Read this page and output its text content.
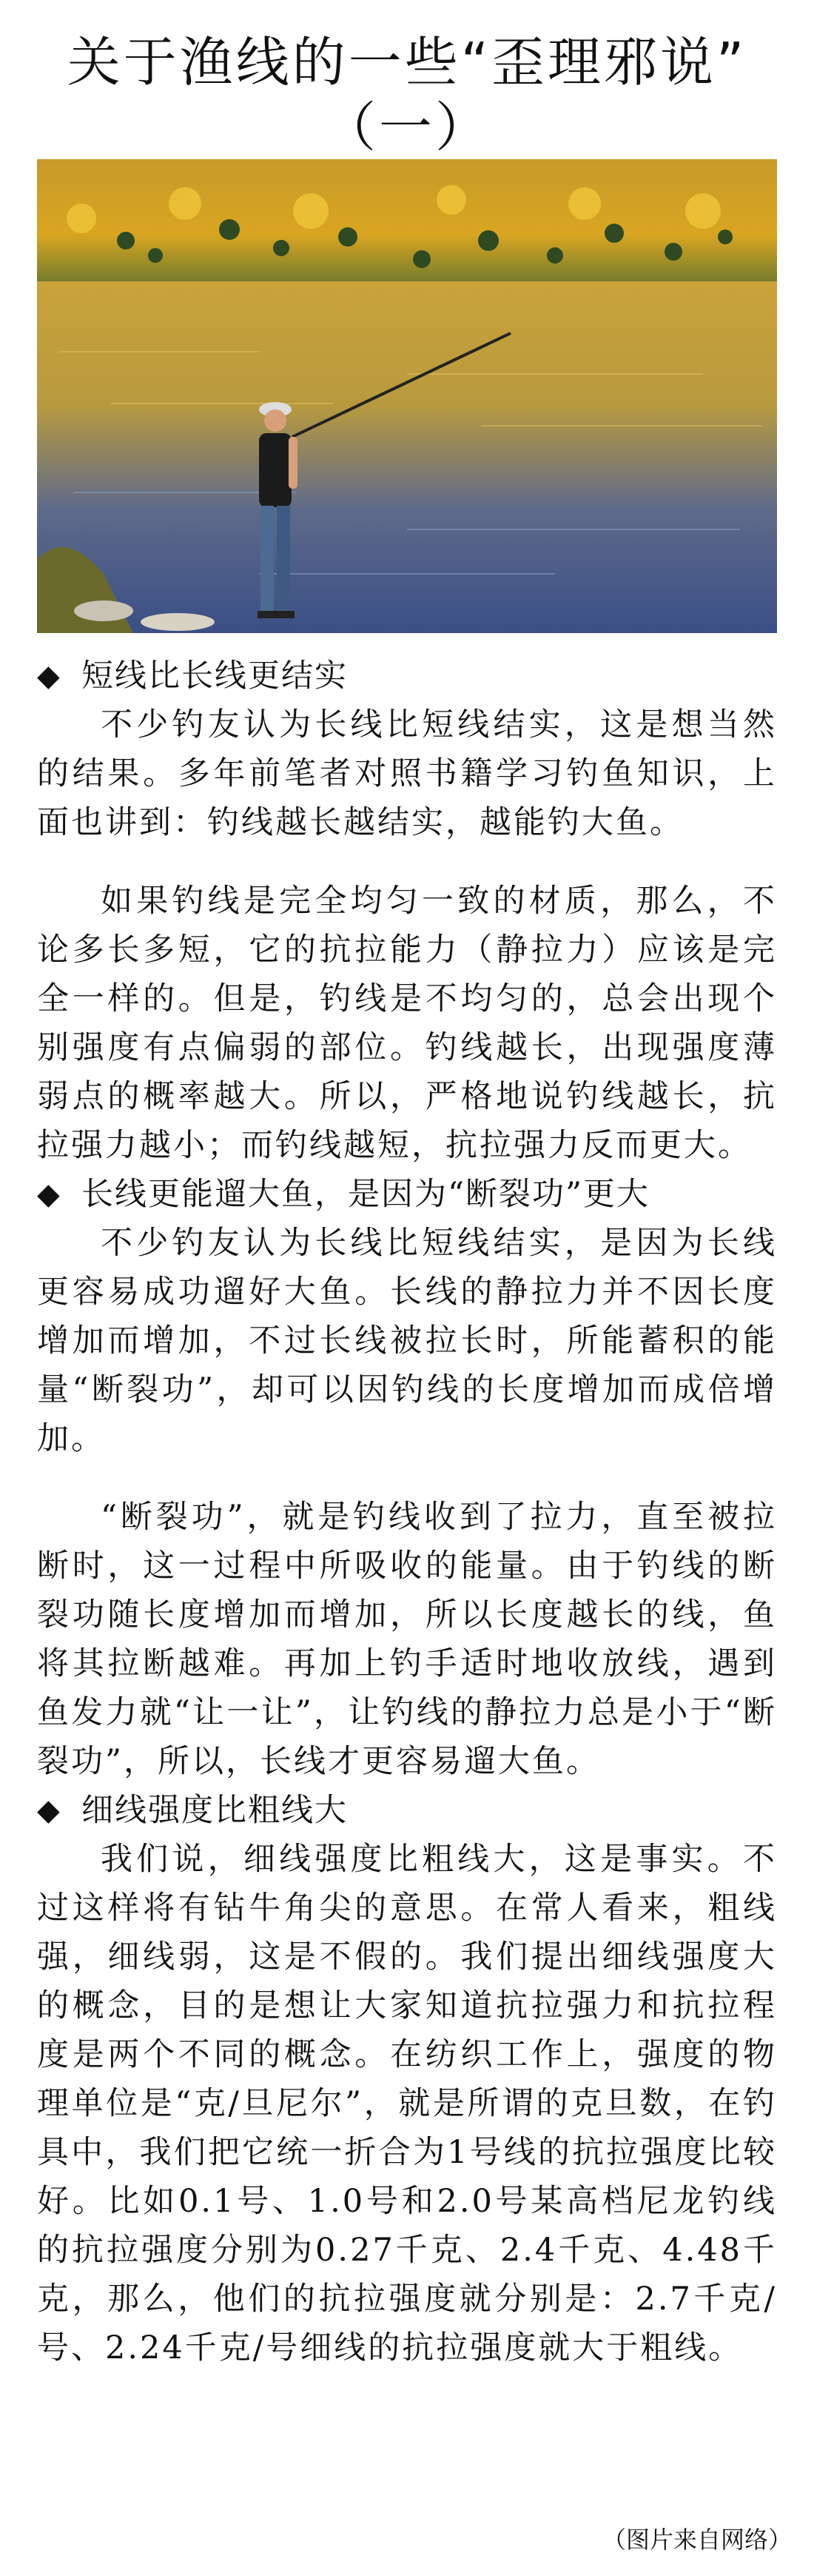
关于渔线的一些“歪理邪说”
（一）
◆ 短线比长线更结实

不少钓友认为长线比短线结实，这是想当然的结果。多年前笔者对照书籍学习钓鱼知识，上面也讲到：钓线越长越结实，越能钓大鱼。

如果钓线是完全均匀一致的材质，那么，不论多长多短，它的抗拉能力（静拉力）应该是完全一样的。但是，钓线是不均匀的，总会出现个别强度有点偏弱的部位。钓线越长，出现强度薄弱点的概率越大。所以，严格地说钓线越长，抗拉强力越小；而钓线越短，抗拉强力反而更大。

◆ 长线更能遛大鱼，是因为“断裂功”更大

不少钓友认为长线比短线结实，是因为长线更容易成功遛好大鱼。长线的静拉力并不因长度增加而增加，不过长线被拉长时，所能蓄积的能量“断裂功”，却可以因钓线的长度增加而成倍增加。

“断裂功”，就是钓线收到了拉力，直至被拉断时，这一过程中所吸收的能量。由于钓线的断裂功随长度增加而增加，所以长度越长的线，鱼将其拉断越难。再加上钓手适时地收放线，遇到鱼发力就“让一让”，让钓线的静拉力总是小于“断裂功”，所以，长线才更容易遛大鱼。

◆ 细线强度比粗线大

我们说，细线强度比粗线大，这是事实。不过这样将有钻牛角尖的意思。在常人看来，粗线强，细线弱，这是不假的。我们提出细线强度大的概念，目的是想让大家知道抗拉强力和抗拉程度是两个不同的概念。在纺织工作上，强度的物理单位是“克/旦尼尔”，就是所谓的克旦数，在钓具中，我们把它统一折合为1号线的抗拉强度比较好。比如0.1号、1.0号和2.0号某高档尼龙钓线的抗拉强度分别为0.27千克、2.4千克、4.48千克，那么，他们的抗拉强度就分别是：2.7千克/号、2.24千克/号细线的抗拉强度就大于粗线。

（图片来自网络）
